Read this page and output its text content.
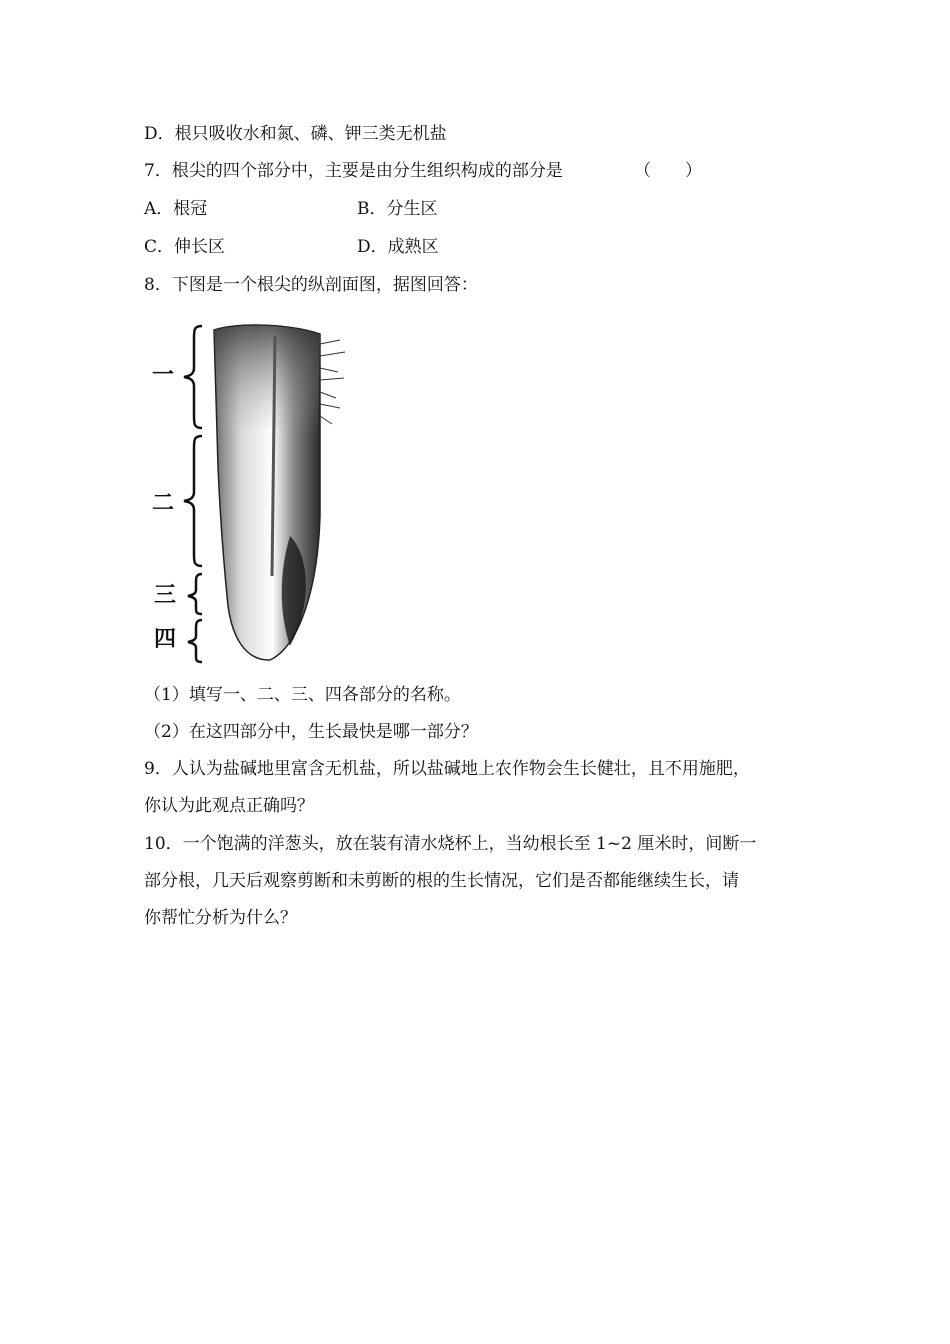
D．根只吸收水和氮、磷、钾三类无机盐
7．根尖的四个部分中，主要是由分生组织构成的部分是	（　　）
A．根冠	B．分生区
C．伸长区	D．成熟区
8．下图是一个根尖的纵剖面图，据图回答：
一
二
三
四
（1）填写一、二、三、四各部分的名称。
（2）在这四部分中，生长最快是哪一部分？
9．人认为盐碱地里富含无机盐，所以盐碱地上农作物会生长健壮，且不用施肥，
你认为此观点正确吗？
10．一个饱满的洋葱头，放在装有清水烧杯上，当幼根长至 1~2 厘米时，间断一
部分根，几天后观察剪断和未剪断的根的生长情况，它们是否都能继续生长，请
你帮忙分析为什么？
